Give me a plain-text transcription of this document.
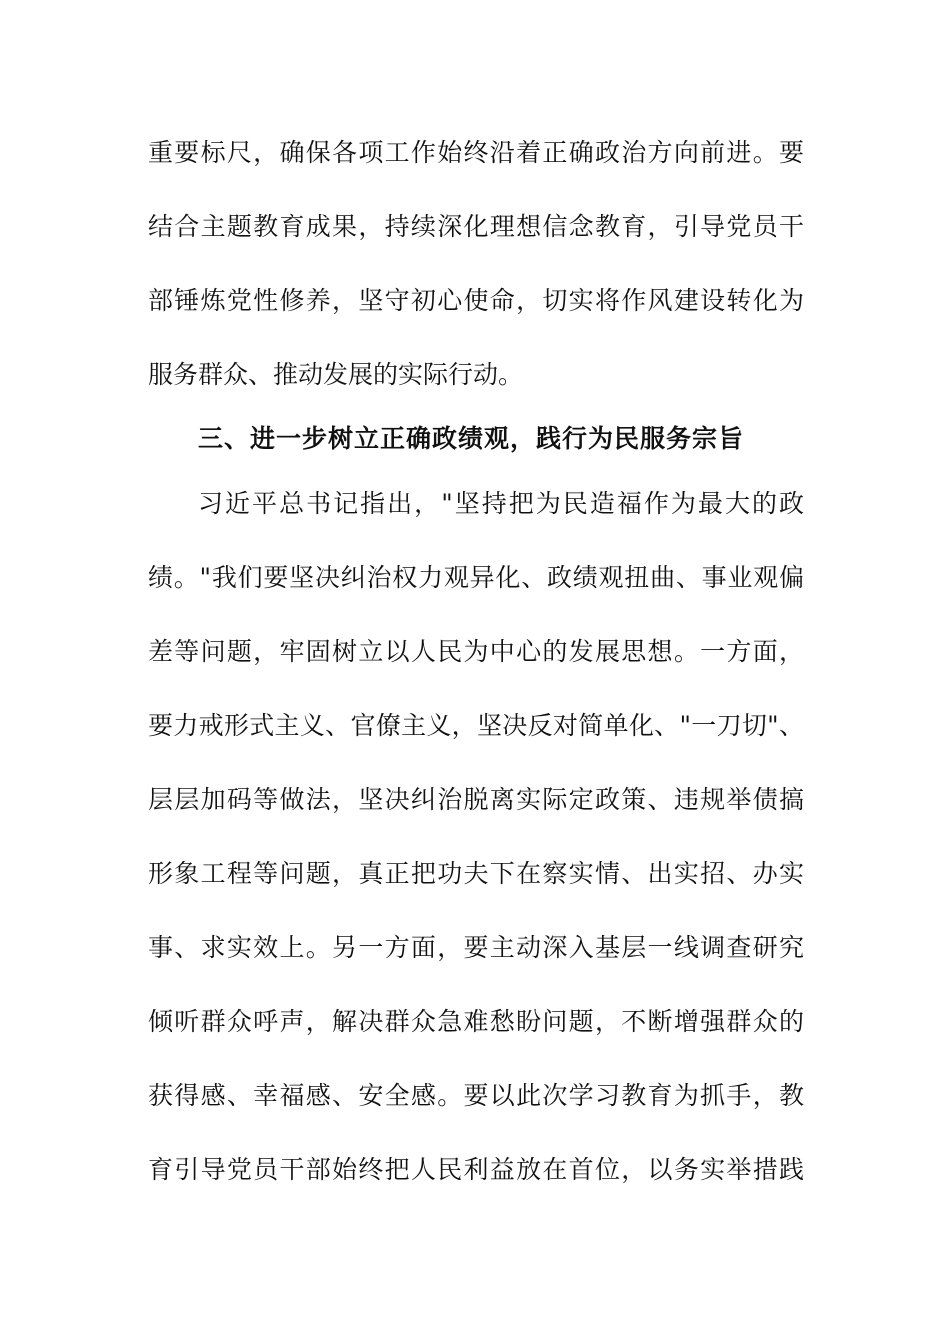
重要标尺，确保各项工作始终沿着正确政治方向前进。要
结合主题教育成果，持续深化理想信念教育，引导党员干
部锤炼党性修养，坚守初心使命，切实将作风建设转化为
服务群众、推动发展的实际行动。
三、进一步树立正确政绩观，践行为民服务宗旨
习近平总书记指出，"坚持把为民造福作为最大的政
绩。"我们要坚决纠治权力观异化、政绩观扭曲、事业观偏
差等问题，牢固树立以人民为中心的发展思想。一方面，
要力戒形式主义、官僚主义，坚决反对简单化、"一刀切"、
层层加码等做法，坚决纠治脱离实际定政策、违规举债搞
形象工程等问题，真正把功夫下在察实情、出实招、办实
事、求实效上。另一方面，要主动深入基层一线调查研究
倾听群众呼声，解决群众急难愁盼问题，不断增强群众的
获得感、幸福感、安全感。要以此次学习教育为抓手，教
育引导党员干部始终把人民利益放在首位，以务实举措践
